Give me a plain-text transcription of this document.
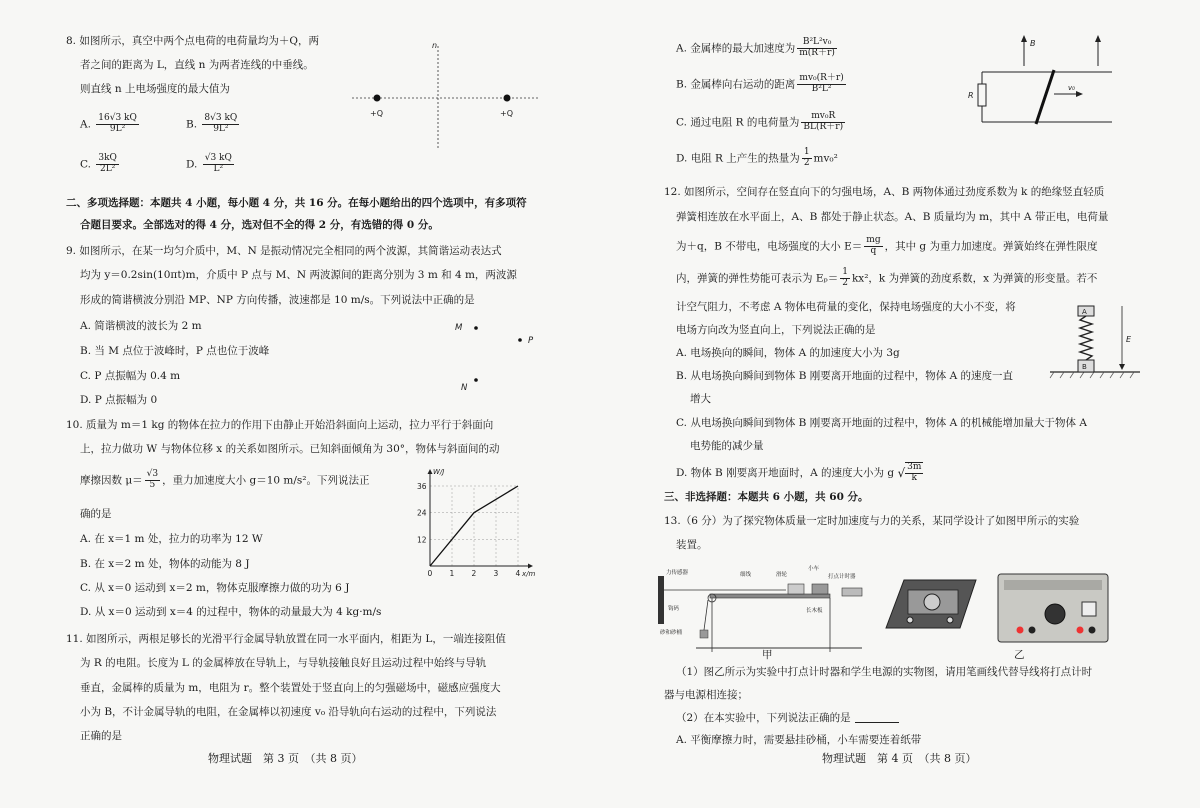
8. 如图所示，真空中两个点电荷的电荷量均为＋Q，两
者之间的距离为 L，直线 n 为两者连线的中垂线。
则直线 n 上电场强度的最大值为
A. $\frac{16√3 kQ}{\text{9L²}}$	B. $\frac{8√3 kQ}{\text{9L²}}$
C. $\frac{3kQ}{\text{2L²}}$	D. $\frac{√3 kQ}{\text{L²}}$
n
+Q	+Q
二、多项选择题：本题共 4 小题，每小题 4 分，共 16 分。在每小题给出的四个选项中，有多项符
合题目要求。全部选对的得 4 分，选对但不全的得 2 分，有选错的得 0 分。
9. 如图所示，在某一均匀介质中，M、N 是振动情况完全相同的两个波源，其简谐运动表达式
均为 y＝0.2sin(10πt)m，介质中 P 点与 M、N 两波源间的距离分别为 3 m 和 4 m，两波源
形成的简谐横波分别沿 MP、NP 方向传播，波速都是 10 m/s。下列说法中正确的是
A. 简谐横波的波长为 2 m
B. 当 M 点位于波峰时，P 点也位于波峰
C. P 点振幅为 0.4 m
D. P 点振幅为 0
M
P
N
10. 质量为 m＝1 kg 的物体在拉力的作用下由静止开始沿斜面向上运动，拉力平行于斜面向
上，拉力做功 W 与物体位移 x 的关系如图所示。已知斜面倾角为 30°，物体与斜面间的动
摩擦因数 $\mu= \frac{√3}{5}$ ，重力加速度大小 g＝10 m/s²。下列说法正
确的是
A. 在 x＝1 m 处，拉力的功率为 12 W
B. 在 x＝2 m 处，物体的动能为 8 J
C. 从 x＝0 运动到 x＝2 m，物体克服摩擦力做的功为 6 J
D. 从 x＝0 运动到 x＝4 的过程中，物体的动量最大为 4 kg·m/s
0 1 2 3 4
12
24
36
x/m
W/J
11. 如图所示，两根足够长的光滑平行金属导轨放置在同一水平面内，相距为 L，一端连接阻值
为 R 的电阻。长度为 L 的金属棒放在导轨上，与导轨接触良好且运动过程中始终与导轨
垂直，金属棒的质量为 m，电阻为 r。整个装置处于竖直向上的匀强磁场中，磁感应强度大
小为 B，不计金属导轨的电阻，在金属棒以初速度 v₀ 沿导轨向右运动的过程中，下列说法
正确的是
物理试题　第 3 页　（共 8 页）
A. 金属棒的最大加速度为 $\frac{\text{B²L²v₀}}{m(R+r)}$
B. 金属棒向右运动的距离 $\frac{\text{mv₀(R＋r)}}{\text{B²L²}}$
C. 通过电阻 R 的电荷量为 $\frac{\text{mv₀R}}{BL(R+r)}$
D. 电阻 R 上产生的热量为 $\frac{1}{2} mv_0^2$
B
R
v₀
12. 如图所示，空间存在竖直向下的匀强电场，A、B 两物体通过劲度系数为 k 的绝缘竖直轻质
弹簧相连放在水平面上，A、B 都处于静止状态。A、B 质量均为 m，其中 A 带正电，电荷量
为＋q，B 不带电，电场强度的大小 $E= \frac{mg}{q}$ ，其中 g 为重力加速度。弹簧始终在弹性限度
内，弹簧的弹性势能可表示为 $E_p= \frac{1}{2} kx^2$，k 为弹簧的劲度系数，x 为弹簧的形变量。若不
计空气阻力，不考虑 A 物体电荷量的变化，保持电场强度的大小不变，将
电场方向改为竖直向上，下列说法正确的是
A. 电场换向的瞬间，物体 A 的加速度大小为 3g
B. 从电场换向瞬间到物体 B 刚要离开地面的过程中，物体 A 的速度一直
增大
C. 从电场换向瞬间到物体 B 刚要离开地面的过程中，物体 A 的机械能增加量大于物体 A
电势能的减少量
D. 物体 B 刚要离开地面时，A 的速度大小为 g √ $\frac{3m}{k}$
A
B
E
三、非选择题：本题共 6 小题，共 60 分。
13.（6 分）为了探究物体质量一定时加速度与力的关系，某同学设计了如图甲所示的实验
装置。
力传感器	细线	滑轮
小车
打点计时器
钩码	长木板
砂和砂桶
甲	乙
（1）图乙所示为实验中打点计时器和学生电源的实物图，请用笔画线代替导线将打点计时
器与电源相连接；
（2）在本实验中，下列说法正确的是
A. 平衡摩擦力时，需要悬挂砂桶，小车需要连着纸带
物理试题　第 4 页　（共 8 页）
